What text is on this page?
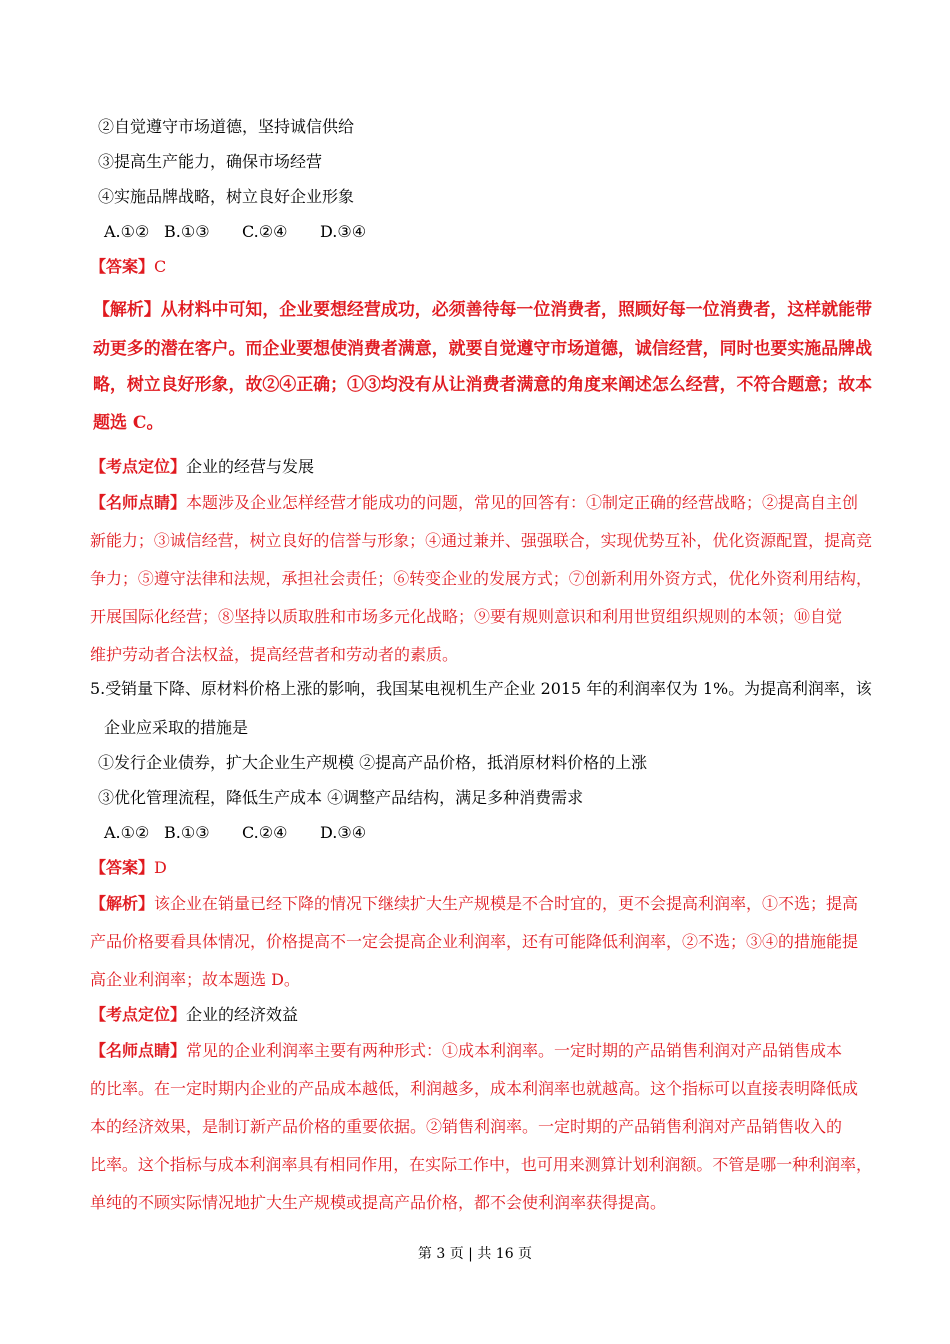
②自觉遵守市场道德，坚持诚信供给
③提高生产能力，确保市场经营
④实施品牌战略，树立良好企业形象
A.①② B.①③ C.②④ D.③④
【答案】C
【解析】从材料中可知，企业要想经营成功，必须善待每一位消费者，照顾好每一位消费者，这样就能带
动更多的潜在客户。而企业要想使消费者满意，就要自觉遵守市场道德，诚信经营，同时也要实施品牌战
略，树立良好形象，故②④正确；①③均没有从让消费者满意的角度来阐述怎么经营，不符合题意；故本
题选 C。
【考点定位】企业的经营与发展
【名师点睛】本题涉及企业怎样经营才能成功的问题，常见的回答有：①制定正确的经营战略；②提高自主创
新能力；③诚信经营，树立良好的信誉与形象；④通过兼并、强强联合，实现优势互补，优化资源配置，提高竞
争力；⑤遵守法律和法规，承担社会责任；⑥转变企业的发展方式；⑦创新利用外资方式，优化外资利用结构，
开展国际化经营；⑧坚持以质取胜和市场多元化战略；⑨要有规则意识和利用世贸组织规则的本领；⑩自觉
维护劳动者合法权益，提高经营者和劳动者的素质。
5.受销量下降、原材料价格上涨的影响，我国某电视机生产企业 2015 年的利润率仅为 1%。为提高利润率，该
企业应采取的措施是
①发行企业债券，扩大企业生产规模 ②提高产品价格，抵消原材料价格的上涨
③优化管理流程，降低生产成本 ④调整产品结构，满足多种消费需求
A.①② B.①③ C.②④ D.③④
【答案】D
【解析】该企业在销量已经下降的情况下继续扩大生产规模是不合时宜的，更不会提高利润率，①不选；提高
产品价格要看具体情况，价格提高不一定会提高企业利润率，还有可能降低利润率，②不选；③④的措施能提
高企业利润率；故本题选 D。
【考点定位】企业的经济效益
【名师点睛】常见的企业利润率主要有两种形式：①成本利润率。一定时期的产品销售利润对产品销售成本
的比率。在一定时期内企业的产品成本越低，利润越多，成本利润率也就越高。这个指标可以直接表明降低成
本的经济效果，是制订新产品价格的重要依据。②销售利润率。一定时期的产品销售利润对产品销售收入的
比率。这个指标与成本利润率具有相同作用，在实际工作中，也可用来测算计划利润额。不管是哪一种利润率，
单纯的不顾实际情况地扩大生产规模或提高产品价格，都不会使利润率获得提高。
第 3 页 | 共 16 页
